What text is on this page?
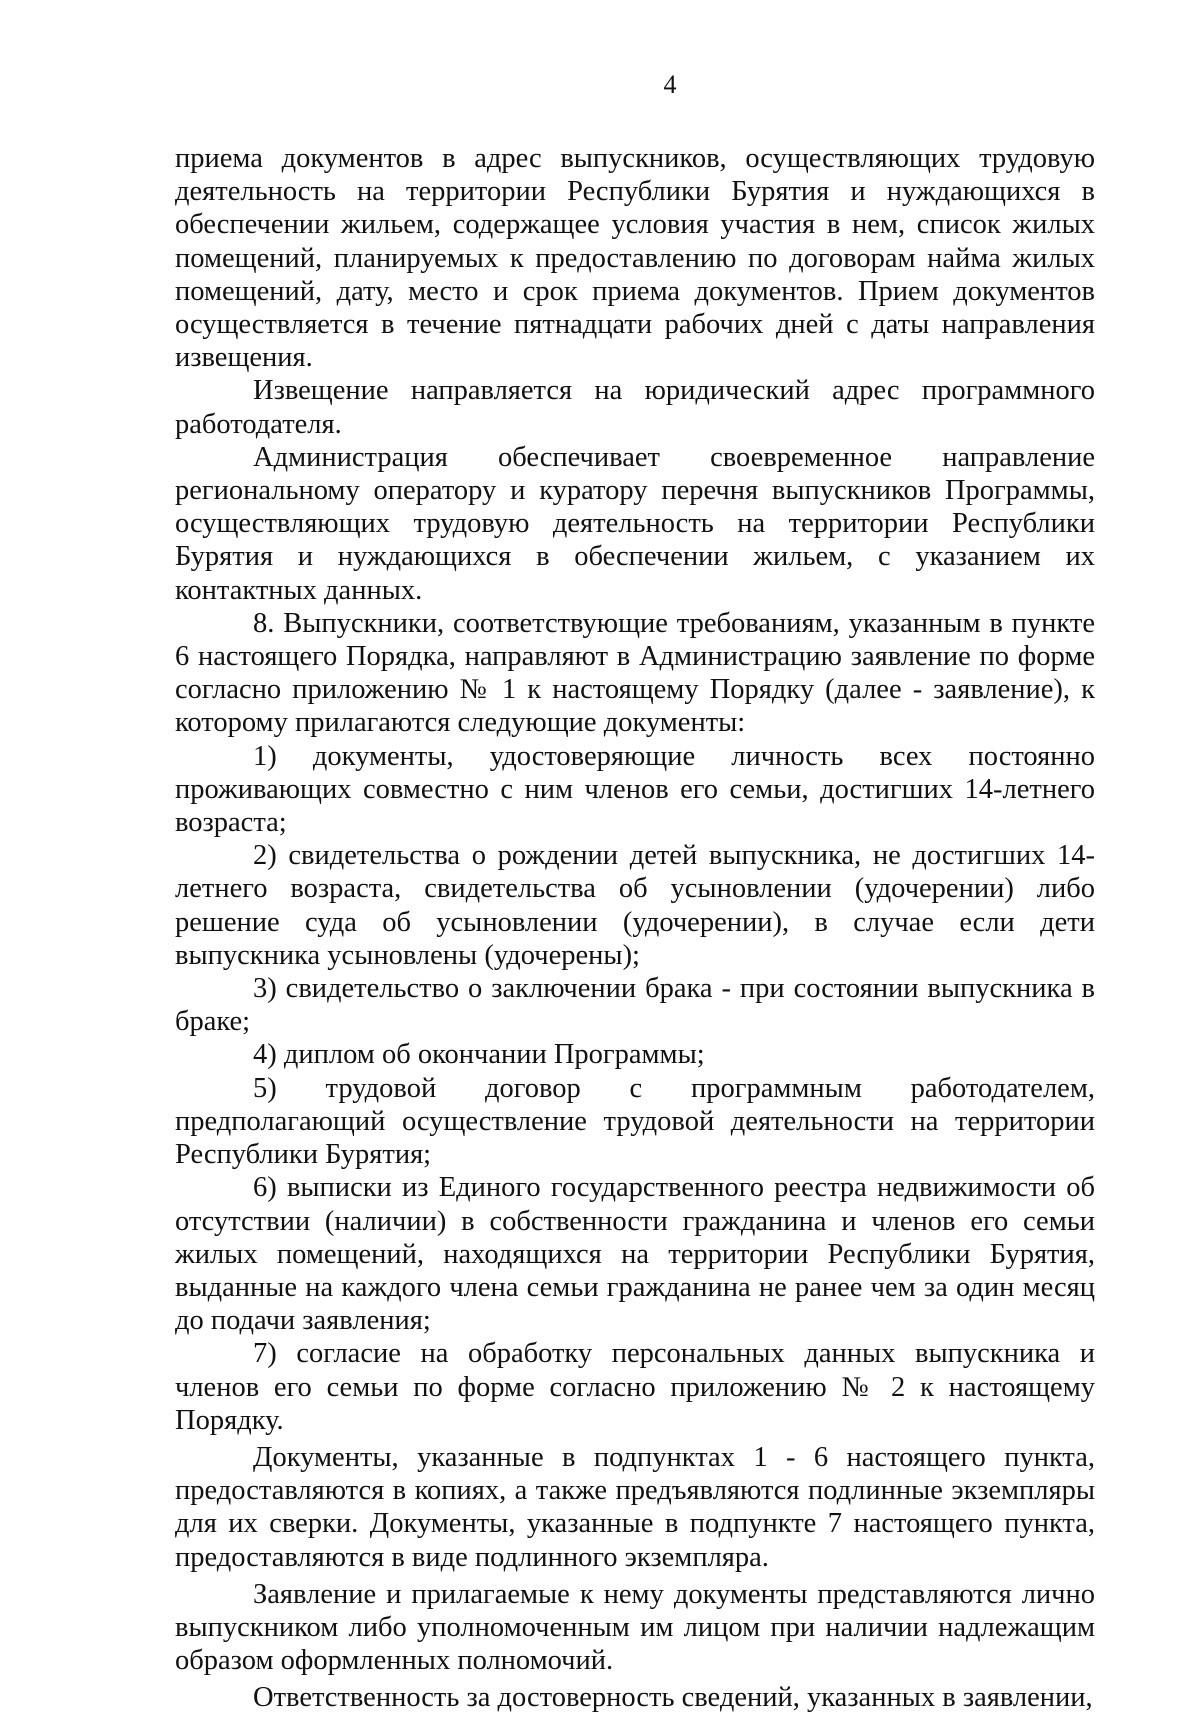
4

приема документов в адрес выпускников, осуществляющих трудовую деятельность на территории Республики Бурятия и нуждающихся в обеспечении жильем, содержащее условия участия в нем, список жилых помещений, планируемых к предоставлению по договорам найма жилых помещений, дату, место и срок приема документов. Прием документов осуществляется в течение пятнадцати рабочих дней с даты направления извещения.

Извещение направляется на юридический адрес программного работодателя.

Администрация обеспечивает своевременное направление региональному оператору и куратору перечня выпускников Программы, осуществляющих трудовую деятельность на территории Республики Бурятия и нуждающихся в обеспечении жильем, с указанием их контактных данных.

8. Выпускники, соответствующие требованиям, указанным в пункте 6 настоящего Порядка, направляют в Администрацию заявление по форме согласно приложению № 1 к настоящему Порядку (далее - заявление), к которому прилагаются следующие документы:

1) документы, удостоверяющие личность всех постоянно проживающих совместно с ним членов его семьи, достигших 14-летнего возраста;

2) свидетельства о рождении детей выпускника, не достигших 14-летнего возраста, свидетельства об усыновлении (удочерении) либо решение суда об усыновлении (удочерении), в случае если дети выпускника усыновлены (удочерены);

3) свидетельство о заключении брака - при состоянии выпускника в браке;

4) диплом об окончании Программы;

5) трудовой договор с программным работодателем, предполагающий осуществление трудовой деятельности на территории Республики Бурятия;

6) выписки из Единого государственного реестра недвижимости об отсутствии (наличии) в собственности гражданина и членов его семьи жилых помещений, находящихся на территории Республики Бурятия, выданные на каждого члена семьи гражданина не ранее чем за один месяц до подачи заявления;

7) согласие на обработку персональных данных выпускника и членов его семьи по форме согласно приложению № 2 к настоящему Порядку.

Документы, указанные в подпунктах 1 - 6 настоящего пункта, предоставляются в копиях, а также предъявляются подлинные экземпляры для их сверки. Документы, указанные в подпункте 7 настоящего пункта, предоставляются в виде подлинного экземпляра.

Заявление и прилагаемые к нему документы представляются лично выпускником либо уполномоченным им лицом при наличии надлежащим образом оформленных полномочий.

Ответственность за достоверность сведений, указанных в заявлении,
